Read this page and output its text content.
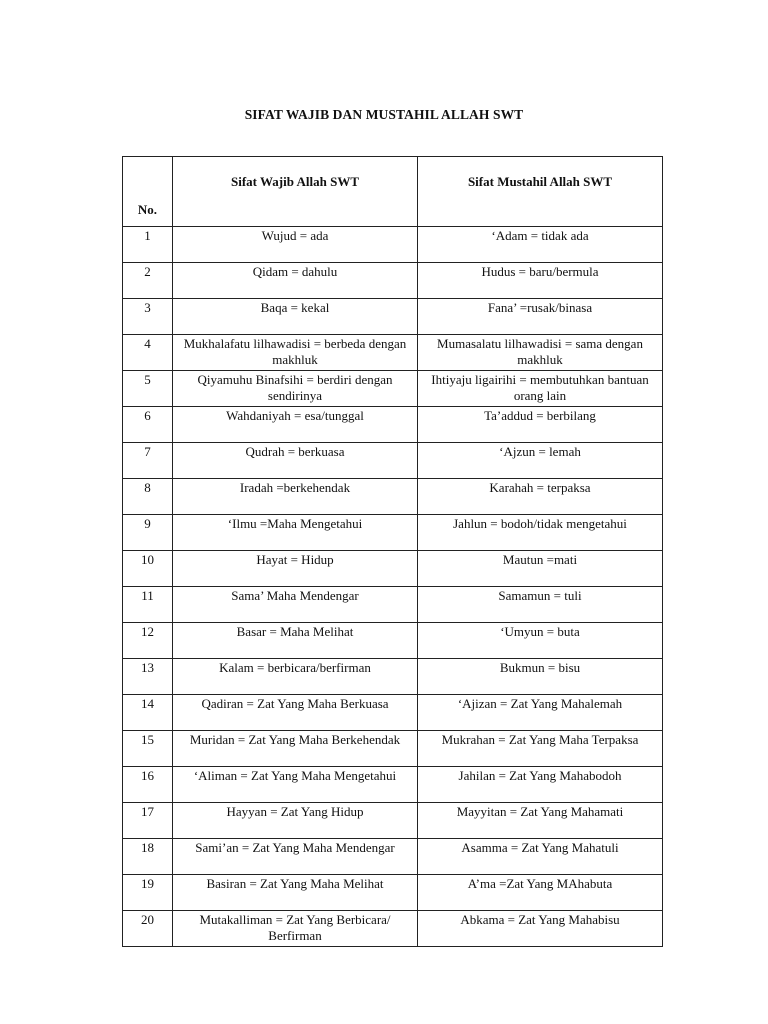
SIFAT WAJIB DAN MUSTAHIL ALLAH SWT
No.	Sifat Wajib Allah SWT	Sifat Mustahil Allah SWT
1	Wujud = ada	‘Adam = tidak ada
2	Qidam = dahulu	Hudus = baru/bermula
3	Baqa = kekal	Fana’ =rusak/binasa
4	Mukhalafatu lilhawadisi = berbeda dengan makhluk	Mumasalatu lilhawadisi = sama dengan makhluk
5	Qiyamuhu Binafsihi = berdiri dengan sendirinya	Ihtiyaju ligairihi = membutuhkan bantuan orang lain
6	Wahdaniyah = esa/tunggal	Ta’addud = berbilang
7	Qudrah = berkuasa	‘Ajzun = lemah
8	Iradah =berkehendak	Karahah = terpaksa
9	‘Ilmu =Maha Mengetahui	Jahlun = bodoh/tidak mengetahui
10	Hayat = Hidup	Mautun =mati
11	Sama’ Maha Mendengar	Samamun = tuli
12	Basar = Maha Melihat	‘Umyun = buta
13	Kalam = berbicara/berfirman	Bukmun = bisu
14	Qadiran = Zat Yang Maha Berkuasa	‘Ajizan = Zat Yang Mahalemah
15	Muridan = Zat Yang Maha Berkehendak	Mukrahan = Zat Yang Maha Terpaksa
16	‘Aliman = Zat Yang Maha Mengetahui	Jahilan = Zat Yang Mahabodoh
17	Hayyan = Zat Yang Hidup	Mayyitan = Zat Yang Mahamati
18	Sami’an = Zat Yang Maha Mendengar	Asamma = Zat Yang Mahatuli
19	Basiran = Zat Yang Maha Melihat	A’ma =Zat Yang MAhabuta
20	Mutakalliman = Zat Yang Berbicara/ Berfirman	Abkama = Zat Yang Mahabisu
